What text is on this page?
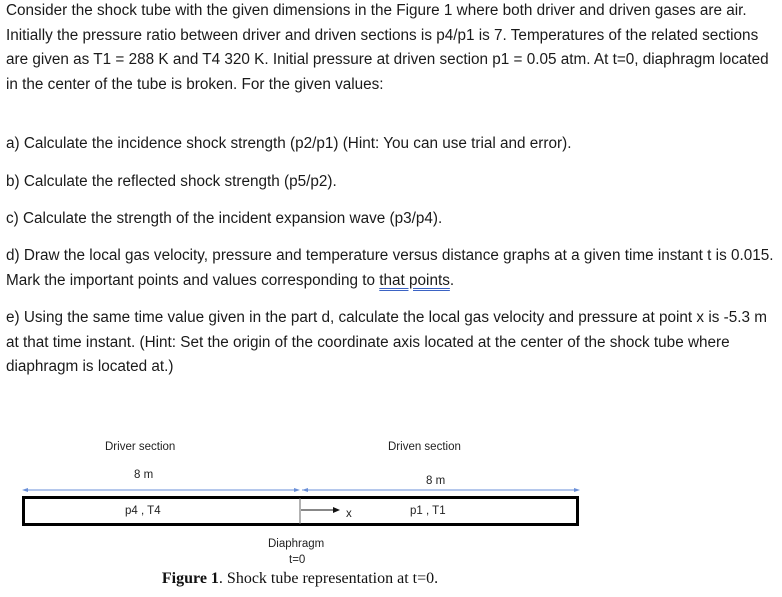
Consider the shock tube with the given dimensions in the Figure 1 where both driver and driven gases are air. Initially the pressure ratio between driver and driven sections is p4/p1 is 7. Temperatures of the related sections are given as T1 = 288 K and T4 320 K. Initial pressure at driven section p1 = 0.05 atm. At t=0, diaphragm located in the center of the tube is broken. For the given values:

a) Calculate the incidence shock strength (p2/p1) (Hint: You can use trial and error).

b) Calculate the reflected shock strength (p5/p2).

c) Calculate the strength of the incident expansion wave (p3/p4).

d) Draw the local gas velocity, pressure and temperature versus distance graphs at a given time instant t is 0.015. Mark the important points and values corresponding to that points.

e) Using the same time value given in the part d, calculate the local gas velocity and pressure at point x is -5.3 m at that time instant. (Hint: Set the origin of the coordinate axis located at the center of the shock tube where diaphragm is located at.)

Driver section	Driven section
8 m	8 m
p4 , T4	p1 , T1
x
Diaphragm
t=0
Figure 1. Shock tube representation at t=0.
